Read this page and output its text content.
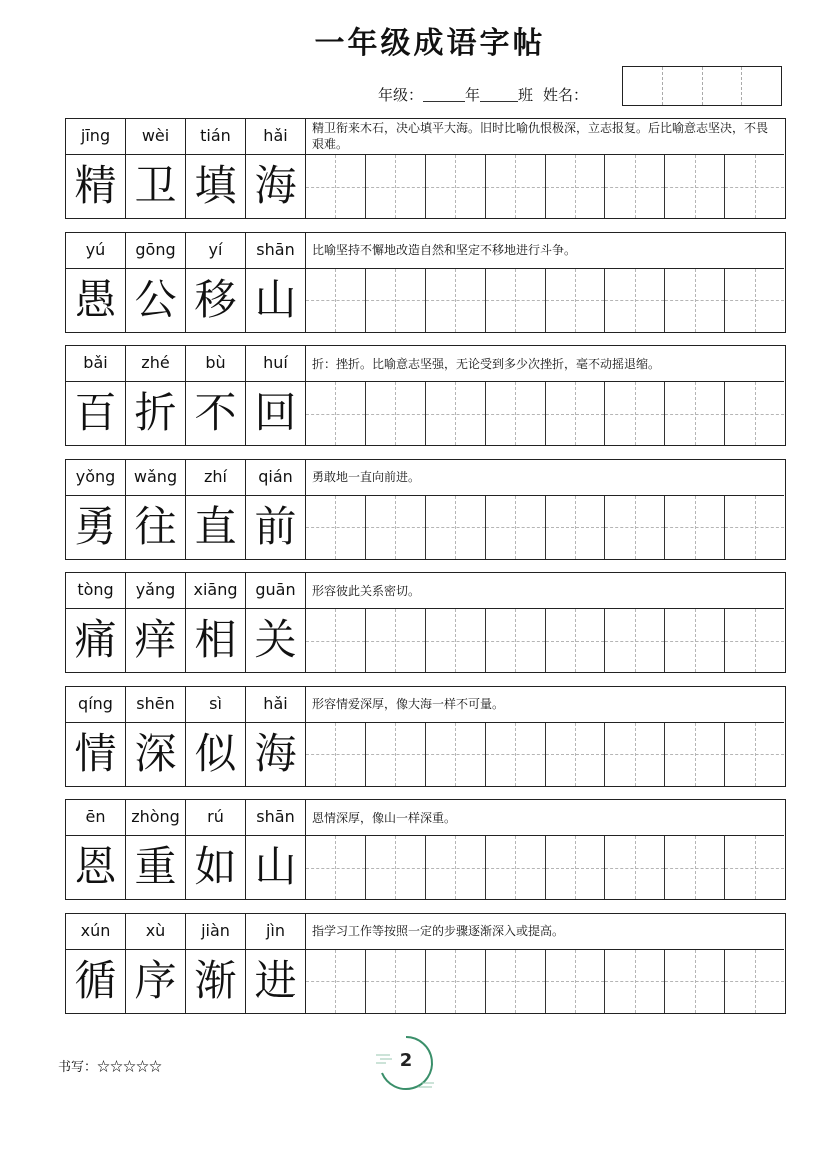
一年级成语字帖
年级：	年	班 姓名：
jīng	wèi	tián	hǎi	精卫衔来木石，决心填平大海。旧时比喻仇恨极深，立志报复。后比喻意志坚决，不畏艰难。
精 卫 填 海
yú	gōng	yí	shān	比喻坚持不懈地改造自然和坚定不移地进行斗争。
愚 公 移 山
bǎi	zhé	bù	huí	折：挫折。比喻意志坚强，无论受到多少次挫折，毫不动摇退缩。
百 折 不 回
yǒng	wǎng	zhí	qián	勇敢地一直向前进。
勇 往 直 前
tòng	yǎng	xiāng	guān	形容彼此关系密切。
痛 痒 相 关
qíng	shēn	sì	hǎi	形容情爱深厚，像大海一样不可量。
情 深 似 海
ēn	zhòng	rú	shān	恩情深厚，像山一样深重。
恩 重 如 山
xún	xù	jiàn	jìn	指学习工作等按照一定的步骤逐渐深入或提高。
循 序 渐 进
书写：☆☆☆☆☆	2
